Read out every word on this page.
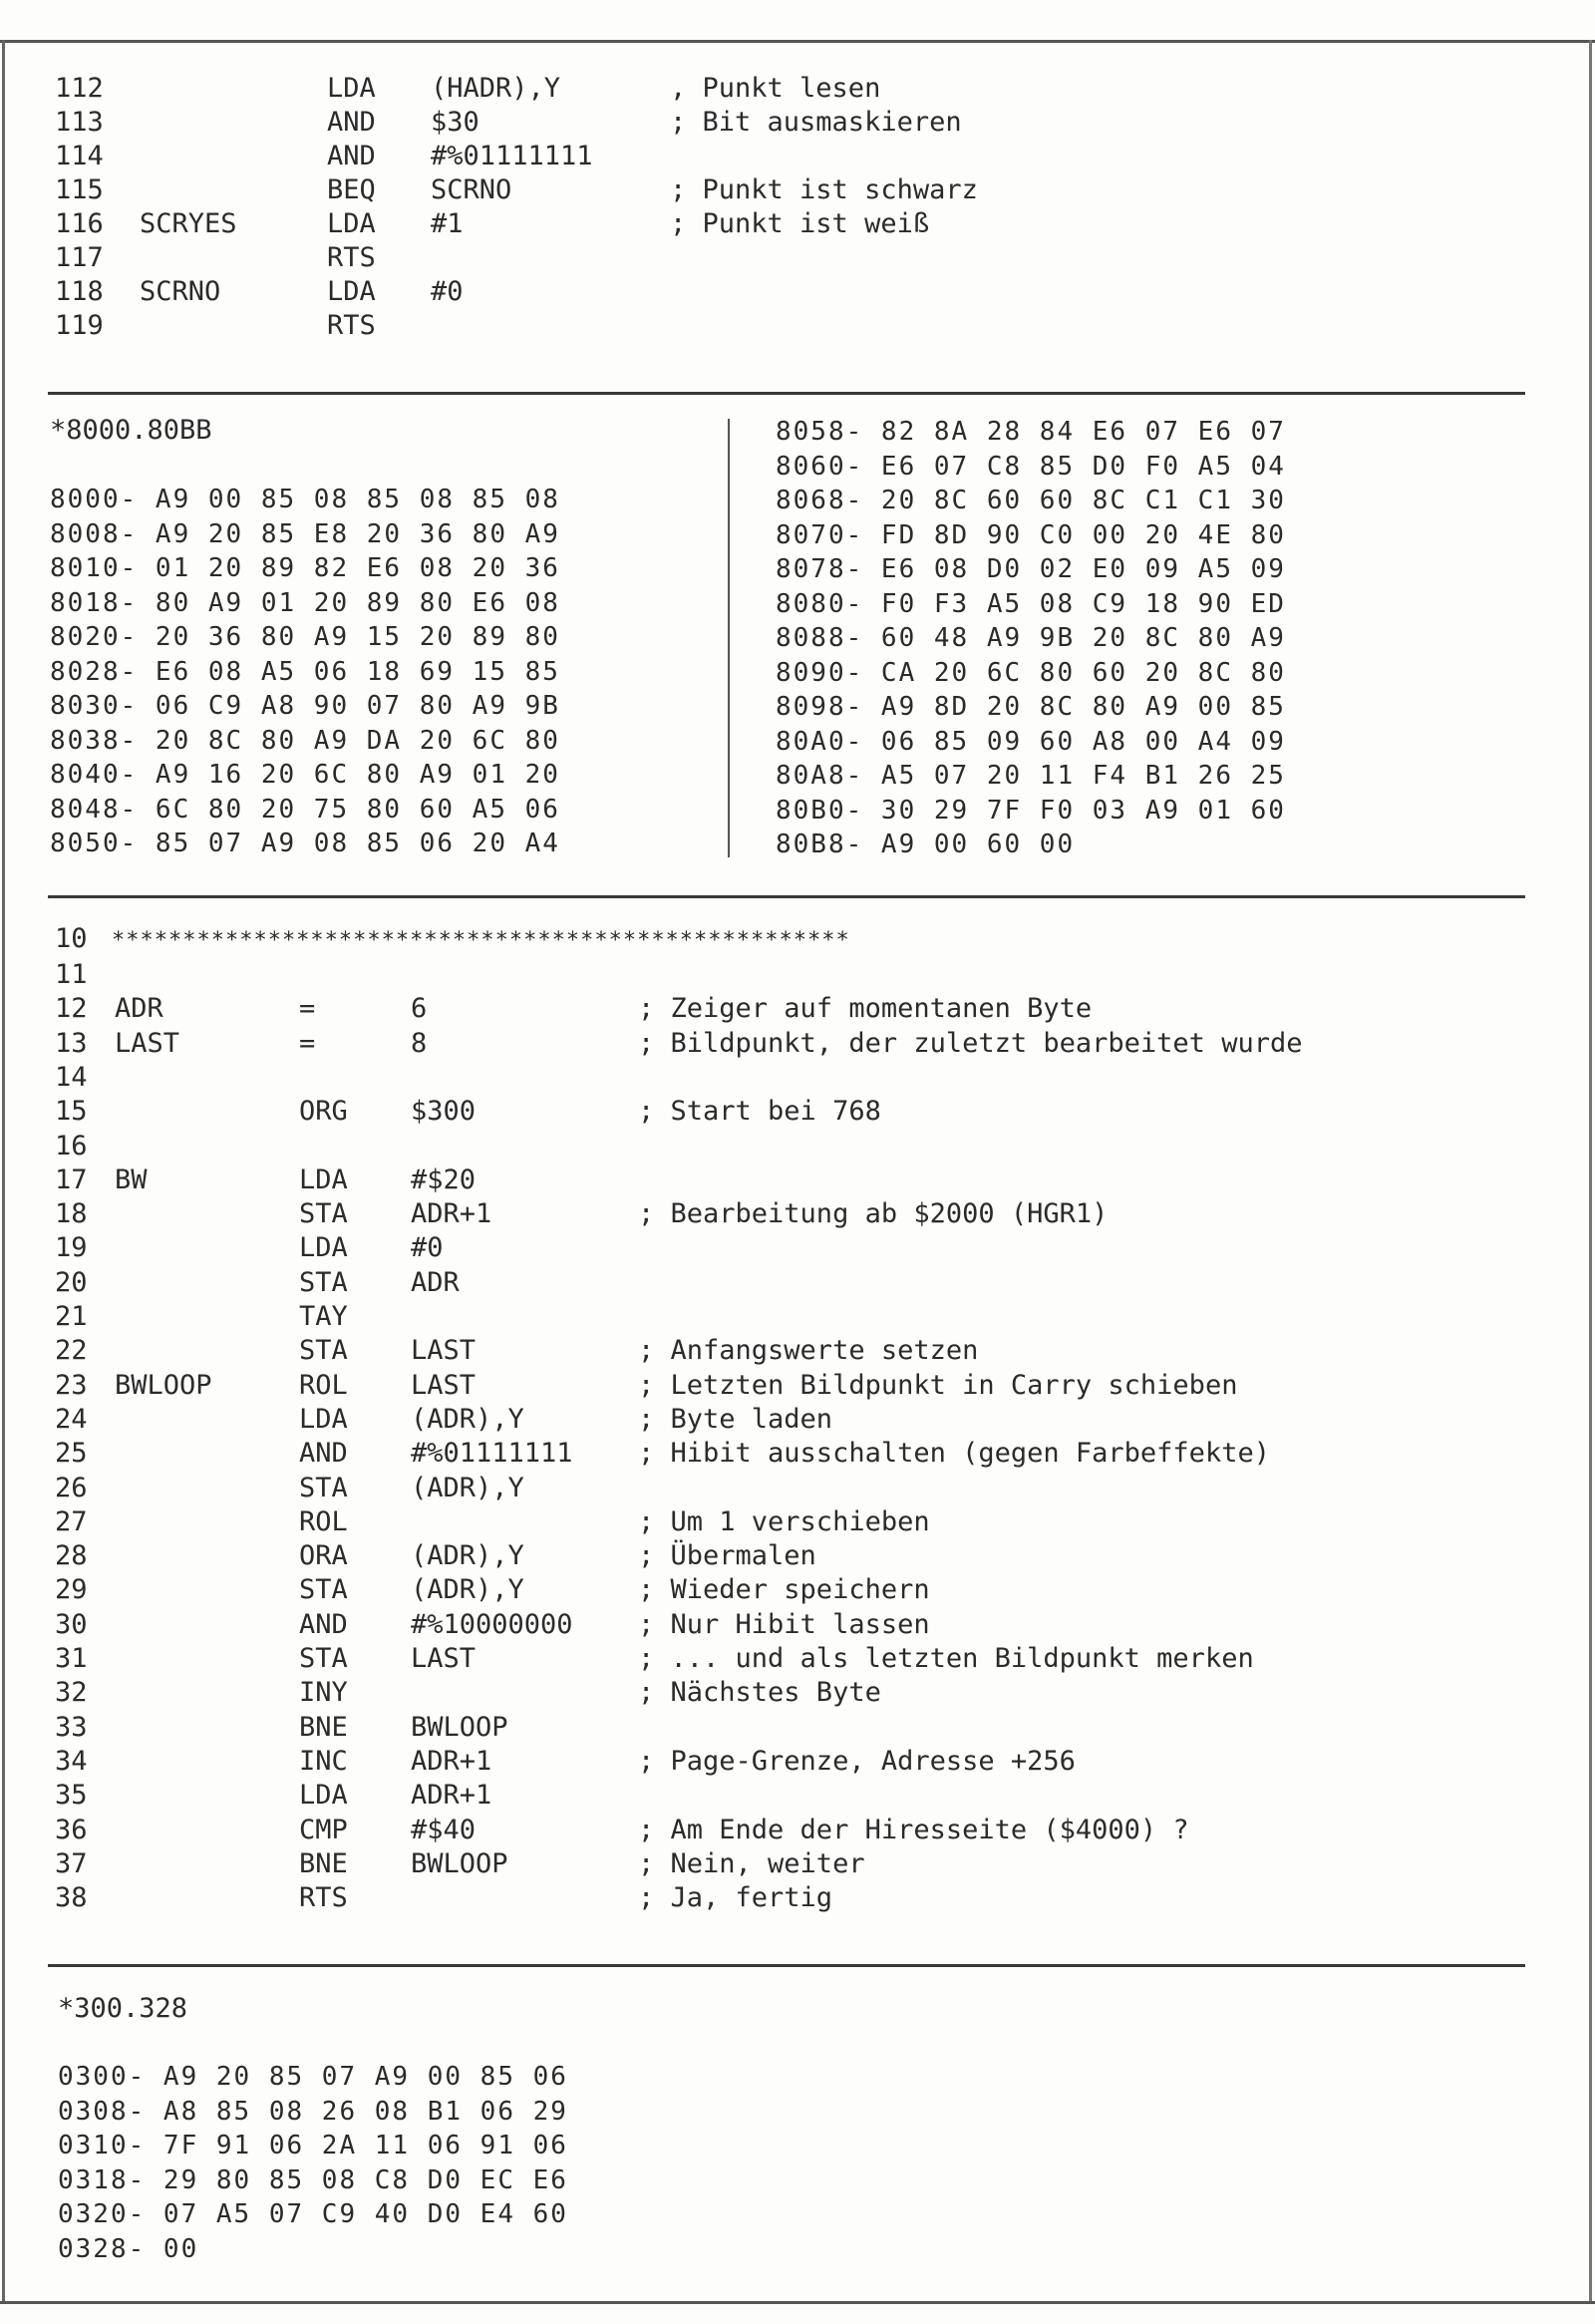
112	LDA (HADR),Y	, Punkt lesen
113	AND $30	; Bit ausmaskieren
114	AND #%01111111
115	BEQ SCRNO	; Punkt ist schwarz
116 SCRYES	LDA #1	; Punkt ist weiß
117	RTS
118 SCRNO	LDA #0
119	RTS
*8000.80BB
8000- A9 00 85 08 85 08 85 08
8008- A9 20 85 E8 20 36 80 A9
8010- 01 20 89 82 E6 08 20 36
8018- 80 A9 01 20 89 80 E6 08
8020- 20 36 80 A9 15 20 89 80
8028- E6 08 A5 06 18 69 15 85
8030- 06 C9 A8 90 07 80 A9 9B
8038- 20 8C 80 A9 DA 20 6C 80
8040- A9 16 20 6C 80 A9 01 20
8048- 6C 80 20 75 80 60 A5 06
8050- 85 07 A9 08 85 06 20 A4
8058- 82 8A 28 84 E6 07 E6 07
8060- E6 07 C8 85 D0 F0 A5 04
8068- 20 8C 60 60 8C C1 C1 30
8070- FD 8D 90 C0 00 20 4E 80
8078- E6 08 D0 02 E0 09 A5 09
8080- F0 F3 A5 08 C9 18 90 ED
8088- 60 48 A9 9B 20 8C 80 A9
8090- CA 20 6C 80 60 20 8C 80
8098- A9 8D 20 8C 80 A9 00 85
80A0- 06 85 09 60 A8 00 A4 09
80A8- A5 07 20 11 F4 B1 26 25
80B0- 30 29 7F F0 03 A9 01 60
80B8- A9 00 60 00
10 ****************************************************
11
12 ADR	=	6	; Zeiger auf momentanen Byte
13 LAST	=	8	; Bildpunkt, der zuletzt bearbeitet wurde
14
15	ORG $300	; Start bei 768
16
17 BW	LDA #$20
18	STA ADR+1	; Bearbeitung ab $2000 (HGR1)
19	LDA #0
20	STA ADR
21	TAY
22	STA LAST	; Anfangswerte setzen
23 BWLOOP	ROL LAST	; Letzten Bildpunkt in Carry schieben
24	LDA (ADR),Y	; Byte laden
25	AND #%01111111 ; Hibit ausschalten (gegen Farbeffekte)
26	STA (ADR),Y
27	ROL	; Um 1 verschieben
28	ORA (ADR),Y	; Übermalen
29	STA (ADR),Y	; Wieder speichern
30	AND #%10000000 ; Nur Hibit lassen
31	STA LAST	; ... und als letzten Bildpunkt merken
32	INY	; Nächstes Byte
33	BNE BWLOOP
34	INC ADR+1	; Page-Grenze, Adresse +256
35	LDA ADR+1
36	CMP #$40	; Am Ende der Hiresseite ($4000) ?
37	BNE BWLOOP	; Nein, weiter
38	RTS	; Ja, fertig
*300.328
0300- A9 20 85 07 A9 00 85 06
0308- A8 85 08 26 08 B1 06 29
0310- 7F 91 06 2A 11 06 91 06
0318- 29 80 85 08 C8 D0 EC E6
0320- 07 A5 07 C9 40 D0 E4 60
0328- 00
